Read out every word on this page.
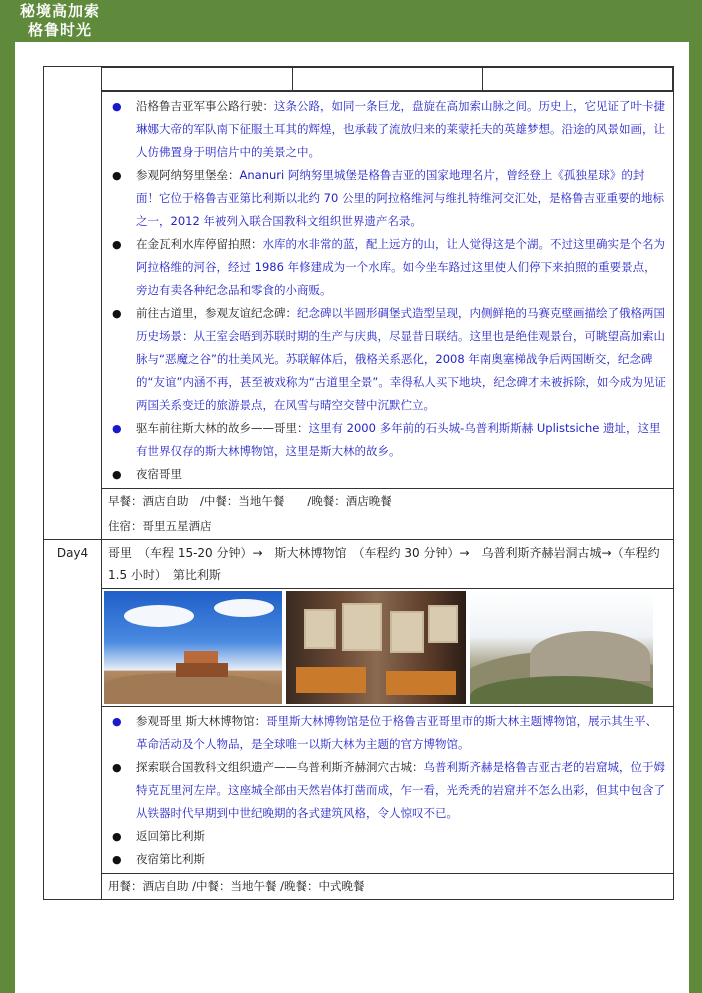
秘境高加索
格鲁时光

● 沿格鲁吉亚军事公路行驶：这条公路，如同一条巨龙，盘旋在高加索山脉之间。历史上，它见证了叶卡捷琳娜大帝的军队南下征服土耳其的辉煌，也承载了流放归来的莱蒙托夫的英雄梦想。沿途的风景如画，让人仿佛置身于明信片中的美景之中。
● 参观阿纳努里堡垒：Ananuri 阿纳努里城堡是格鲁吉亚的国家地理名片，曾经登上《孤独星球》的封面！它位于格鲁吉亚第比利斯以北约 70 公里的阿拉格维河与维扎特维河交汇处，是格鲁吉亚重要的地标之一，2012 年被列入联合国教科文组织世界遗产名录。
● 在金瓦利水库停留拍照：水库的水非常的蓝，配上远方的山，让人觉得这是个湖。不过这里确实是个名为阿拉格维的河谷，经过 1986 年修建成为一个水库。如今坐车路过这里使人们停下来拍照的重要景点，旁边有卖各种纪念品和零食的小商贩。
● 前往古道里，参观友谊纪念碑：纪念碑以半圆形碉堡式造型呈现，内侧鲜艳的马赛克壁画描绘了俄格两国历史场景：从王室会晤到苏联时期的生产与庆典，尽显昔日联结。这里也是绝佳观景台，可眺望高加索山脉与“恶魔之谷”的壮美风光。苏联解体后，俄格关系恶化，2008 年南奥塞梯战争后两国断交，纪念碑的“友谊”内涵不再，甚至被戏称为“古道里全景”。幸得私人买下地块，纪念碑才未被拆除，如今成为见证两国关系变迁的旅游景点，在风雪与晴空交替中沉默伫立。
● 驱车前往斯大林的故乡——哥里：这里有 2000 多年前的石头城-乌普利斯斯赫 Uplistsiche 遗址，这里有世界仅存的斯大林博物馆，这里是斯大林的故乡。
● 夜宿哥里

早餐：酒店自助　/中餐：当地午餐　　/晚餐：酒店晚餐
住宿：哥里五星酒店

Day4	哥里　（车程 15-20 分钟）→　斯大林博物馆　（车程约 30 分钟）→　乌普利斯齐赫岩洞古城→（车程约 1.5 小时）　第比利斯

● 参观哥里 斯大林博物馆：哥里斯大林博物馆是位于格鲁吉亚哥里市的斯大林主题博物馆，展示其生平、革命活动及个人物品，是全球唯一以斯大林为主题的官方博物馆。
● 探索联合国教科文组织遗产——乌普利斯齐赫洞穴古城：乌普利斯齐赫是格鲁吉亚古老的岩窟城，位于姆特克瓦里河左岸。这座城全部由天然岩体打凿而成，乍一看，光秃秃的岩窟并不怎么出彩，但其中包含了从铁器时代早期到中世纪晚期的各式建筑风格，令人惊叹不已。
● 返回第比利斯
● 夜宿第比利斯

用餐：酒店自助 /中餐：当地午餐 /晚餐：中式晚餐
何以解忧，唯有暴走
